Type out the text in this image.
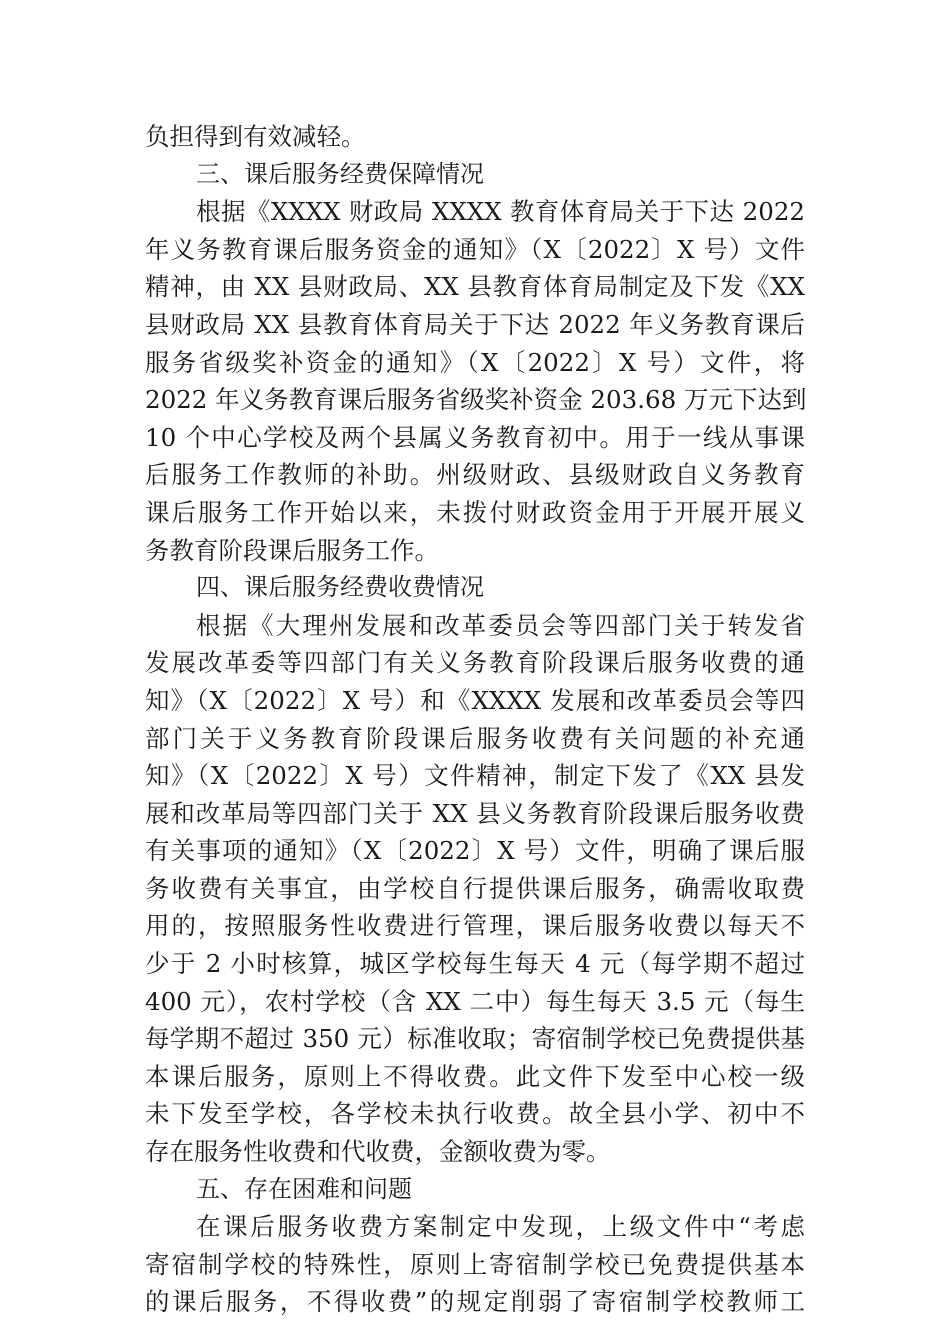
负担得到有效减轻。
三、课后服务经费保障情况
根据《XXXX 财政局 XXXX 教育体育局关于下达 2022
年义务教育课后服务资金的通知》（X〔2022〕X 号）文件
精神，由 XX 县财政局、XX 县教育体育局制定及下发《XX
县财政局 XX 县教育体育局关于下达 2022 年义务教育课后
服务省级奖补资金的通知》（X〔2022〕X 号）文件，将
2022 年义务教育课后服务省级奖补资金 203.68 万元下达到
10 个中心学校及两个县属义务教育初中。用于一线从事课
后服务工作教师的补助。州级财政、县级财政自义务教育
课后服务工作开始以来，未拨付财政资金用于开展开展义
务教育阶段课后服务工作。
四、课后服务经费收费情况
根据《大理州发展和改革委员会等四部门关于转发省
发展改革委等四部门有关义务教育阶段课后服务收费的通
知》（X〔2022〕X 号）和《XXXX 发展和改革委员会等四
部门关于义务教育阶段课后服务收费有关问题的补充通
知》（X〔2022〕X 号）文件精神，制定下发了《XX 县发
展和改革局等四部门关于 XX 县义务教育阶段课后服务收费
有关事项的通知》（X〔2022〕X 号）文件，明确了课后服
务收费有关事宜，由学校自行提供课后服务，确需收取费
用的，按照服务性收费进行管理，课后服务收费以每天不
少于 2 小时核算，城区学校每生每天 4 元（每学期不超过
400 元），农村学校（含 XX 二中）每生每天 3.5 元（每生
每学期不超过 350 元）标准收取；寄宿制学校已免费提供基
本课后服务，原则上不得收费。此文件下发至中心校一级
未下发至学校，各学校未执行收费。故全县小学、初中不
存在服务性收费和代收费，金额收费为零。
五、存在困难和问题
在课后服务收费方案制定中发现，上级文件中“考虑
寄宿制学校的特殊性，原则上寄宿制学校已免费提供基本
的课后服务，不得收费”的规定削弱了寄宿制学校教师工
